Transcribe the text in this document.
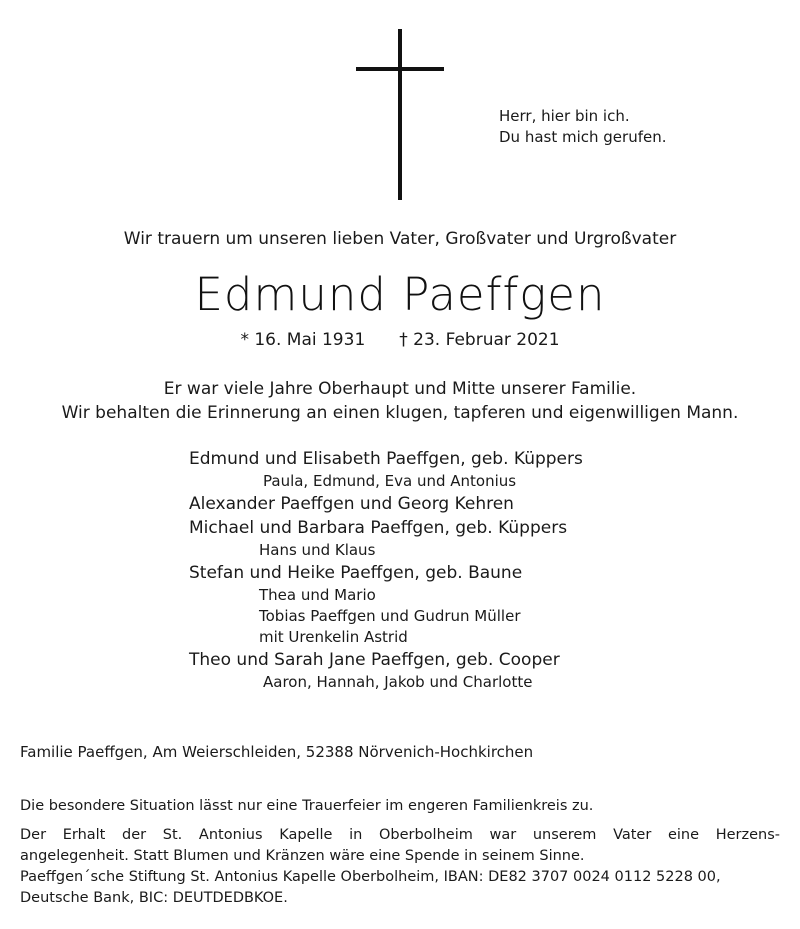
Herr, hier bin ich.
Du hast mich gerufen.
Wir trauern um unseren lieben Vater, Großvater und Urgroßvater
Edmund Paeffgen
* 16. Mai 1931 † 23. Februar 2021
Er war viele Jahre Oberhaupt und Mitte unserer Familie.
Wir behalten die Erinnerung an einen klugen, tapferen und eigenwilligen Mann.
Edmund und Elisabeth Paeffgen, geb. Küppers
Paula, Edmund, Eva und Antonius
Alexander Paeffgen und Georg Kehren
Michael und Barbara Paeffgen, geb. Küppers
Hans und Klaus
Stefan und Heike Paeffgen, geb. Baune
Thea und Mario
Tobias Paeffgen und Gudrun Müller
mit Urenkelin Astrid
Theo und Sarah Jane Paeffgen, geb. Cooper
Aaron, Hannah, Jakob und Charlotte
Familie Paeffgen, Am Weierschleiden, 52388 Nörvenich-Hochkirchen
Die besondere Situation lässt nur eine Trauerfeier im engeren Familienkreis zu.
Der Erhalt der St. Antonius Kapelle in Oberbolheim war unserem Vater eine Herzens-
angelegenheit. Statt Blumen und Kränzen wäre eine Spende in seinem Sinne.
Paeffgen´sche Stiftung St. Antonius Kapelle Oberbolheim, IBAN: DE82 3707 0024 0112 5228 00,
Deutsche Bank, BIC: DEUTDEDBKOE.
